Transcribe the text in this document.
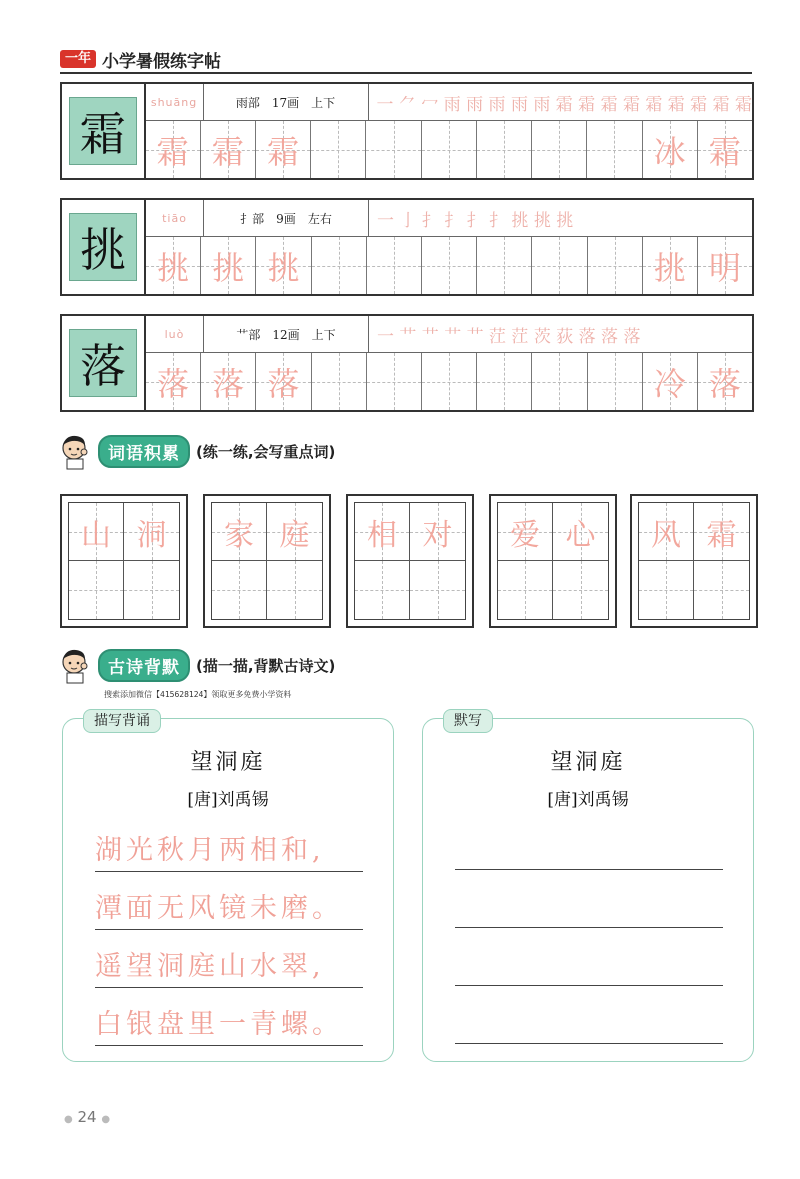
一年 小学暑假练字帖
霜
shuāng	雨部 17画 上下	一 ⺈ 冖 雨 雨 雨 雨 雨 霜 霜 霜 霜 霜 霜 霜 霜 霜
霜 霜 霜	冰 霜
挑
tiāo	扌部 9画 左右	一 亅 扌 扌 扌 扌 挑 挑 挑
挑 挑 挑	挑 明
落
luò	艹部 12画 上下	一 艹 艹 艹 艹 茳 茳 茨 荻 落 落 落
落 落 落	冷 落
词语积累	(练一练,会写重点词)
山 洞 家 庭 相 对 爱 心 风 霜
古诗背默	(描一描,背默古诗文)
搜索添加微信【415628124】领取更多免费小学资料
描写背诵
望洞庭
[唐]刘禹锡
湖光秋月两相和,
潭面无风镜未磨。
遥望洞庭山水翠,
白银盘里一青螺。
默写
望洞庭
[唐]刘禹锡
● 24 ●
